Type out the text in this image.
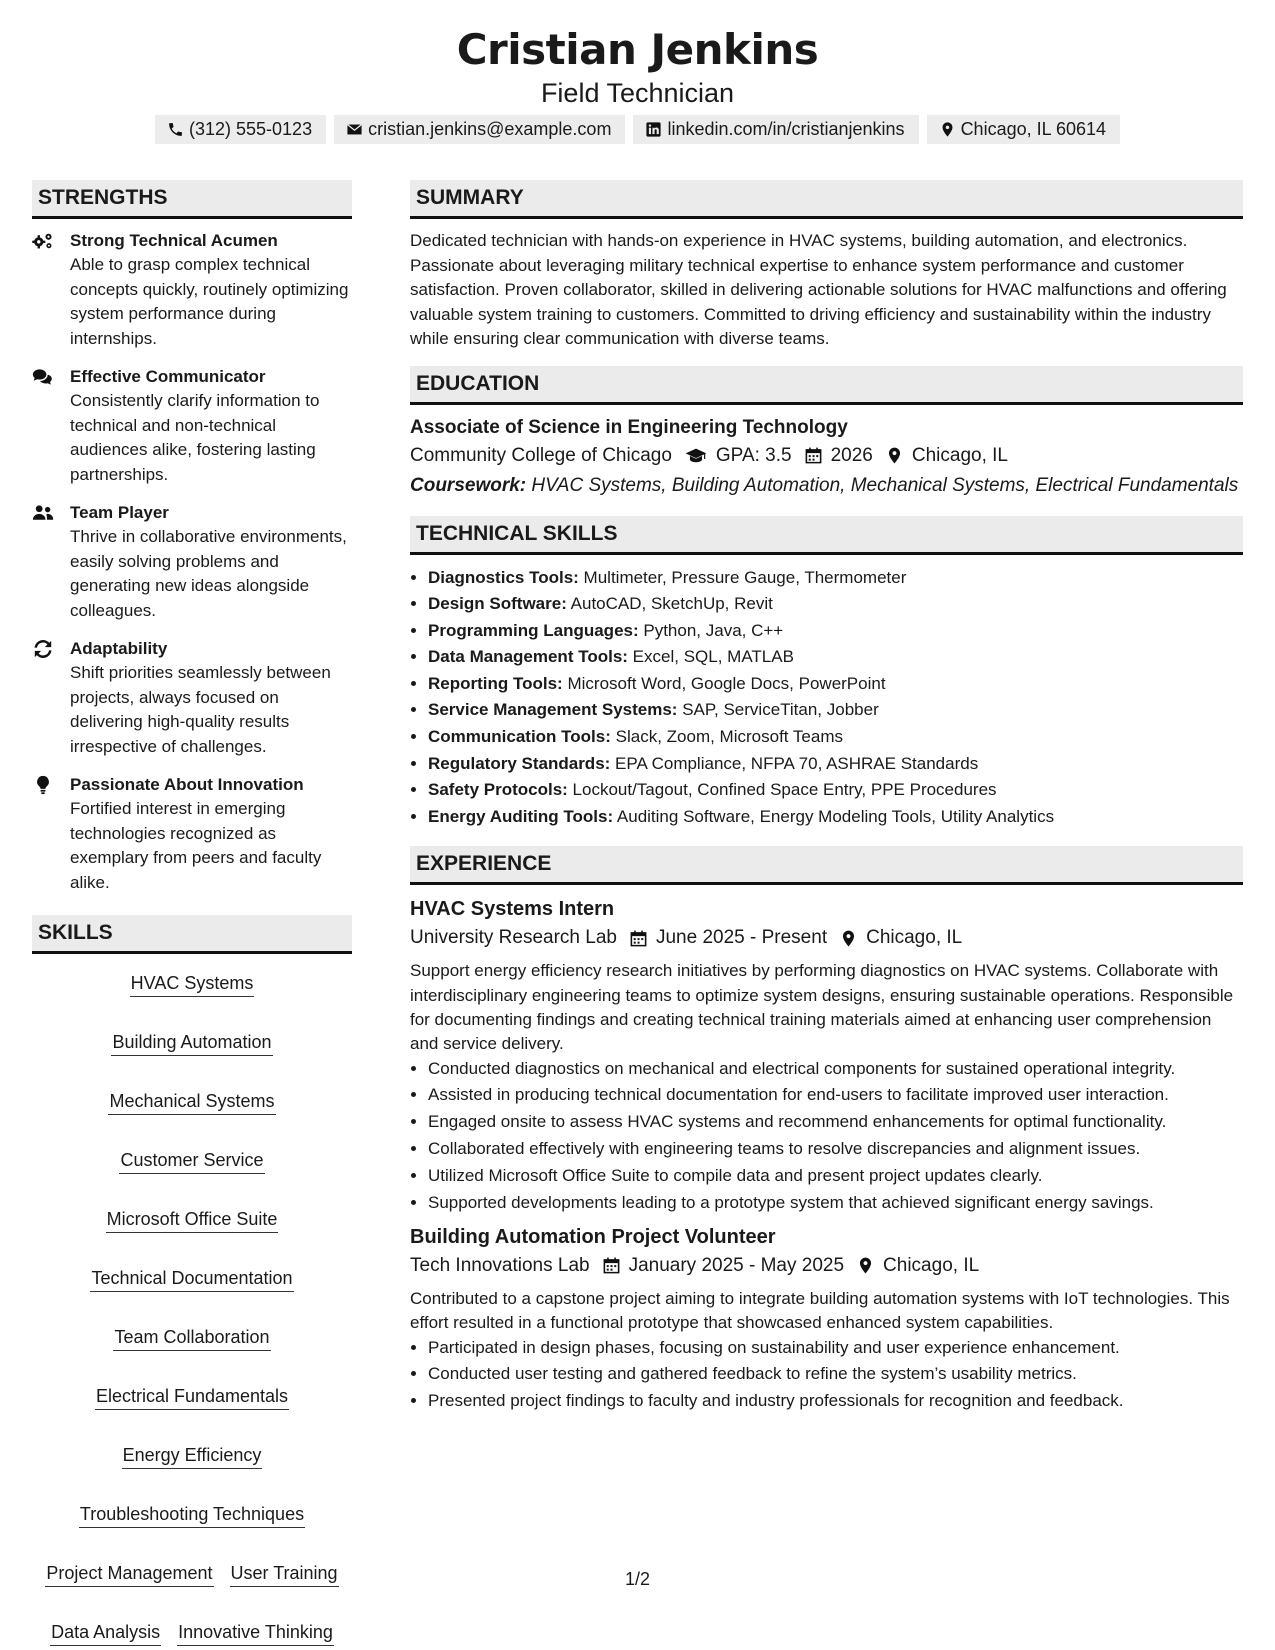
Cristian Jenkins
Field Technician
(312) 555-0123	cristian.jenkins@example.com	linkedin.com/in/cristianjenkins	Chicago, IL 60614
STRENGTHS
Strong Technical Acumen
Able to grasp complex technical concepts quickly, routinely optimizing system performance during internships.
Effective Communicator
Consistently clarify information to technical and non-technical audiences alike, fostering lasting partnerships.
Team Player
Thrive in collaborative environments, easily solving problems and generating new ideas alongside colleagues.
Adaptability
Shift priorities seamlessly between projects, always focused on delivering high-quality results irrespective of challenges.
Passionate About Innovation
Fortified interest in emerging technologies recognized as exemplary from peers and faculty alike.
SKILLS
HVAC Systems
Building Automation
Mechanical Systems
Customer Service
Microsoft Office Suite
Technical Documentation
Team Collaboration
Electrical Fundamentals
Energy Efficiency
Troubleshooting Techniques
Project Management User Training
Data Analysis Innovative Thinking
SUMMARY
Dedicated technician with hands-on experience in HVAC systems, building automation, and electronics. Passionate about leveraging military technical expertise to enhance system performance and customer satisfaction. Proven collaborator, skilled in delivering actionable solutions for HVAC malfunctions and offering valuable system training to customers. Committed to driving efficiency and sustainability within the industry while ensuring clear communication with diverse teams.
EDUCATION
Associate of Science in Engineering Technology
Community College of Chicago GPA: 3.5 2026 Chicago, IL
Coursework: HVAC Systems, Building Automation, Mechanical Systems, Electrical Fundamentals
TECHNICAL SKILLS
• Diagnostics Tools: Multimeter, Pressure Gauge, Thermometer
• Design Software: AutoCAD, SketchUp, Revit
• Programming Languages: Python, Java, C++
• Data Management Tools: Excel, SQL, MATLAB
• Reporting Tools: Microsoft Word, Google Docs, PowerPoint
• Service Management Systems: SAP, ServiceTitan, Jobber
• Communication Tools: Slack, Zoom, Microsoft Teams
• Regulatory Standards: EPA Compliance, NFPA 70, ASHRAE Standards
• Safety Protocols: Lockout/Tagout, Confined Space Entry, PPE Procedures
• Energy Auditing Tools: Auditing Software, Energy Modeling Tools, Utility Analytics
EXPERIENCE
HVAC Systems Intern
University Research Lab June 2025 - Present Chicago, IL
Support energy efficiency research initiatives by performing diagnostics on HVAC systems. Collaborate with interdisciplinary engineering teams to optimize system designs, ensuring sustainable operations. Responsible for documenting findings and creating technical training materials aimed at enhancing user comprehension and service delivery.
• Conducted diagnostics on mechanical and electrical components for sustained operational integrity.
• Assisted in producing technical documentation for end-users to facilitate improved user interaction.
• Engaged onsite to assess HVAC systems and recommend enhancements for optimal functionality.
• Collaborated effectively with engineering teams to resolve discrepancies and alignment issues.
• Utilized Microsoft Office Suite to compile data and present project updates clearly.
• Supported developments leading to a prototype system that achieved significant energy savings.
Building Automation Project Volunteer
Tech Innovations Lab January 2025 - May 2025 Chicago, IL
Contributed to a capstone project aiming to integrate building automation systems with IoT technologies. This effort resulted in a functional prototype that showcased enhanced system capabilities.
• Participated in design phases, focusing on sustainability and user experience enhancement.
• Conducted user testing and gathered feedback to refine the system’s usability metrics.
• Presented project findings to faculty and industry professionals for recognition and feedback.
1/2
